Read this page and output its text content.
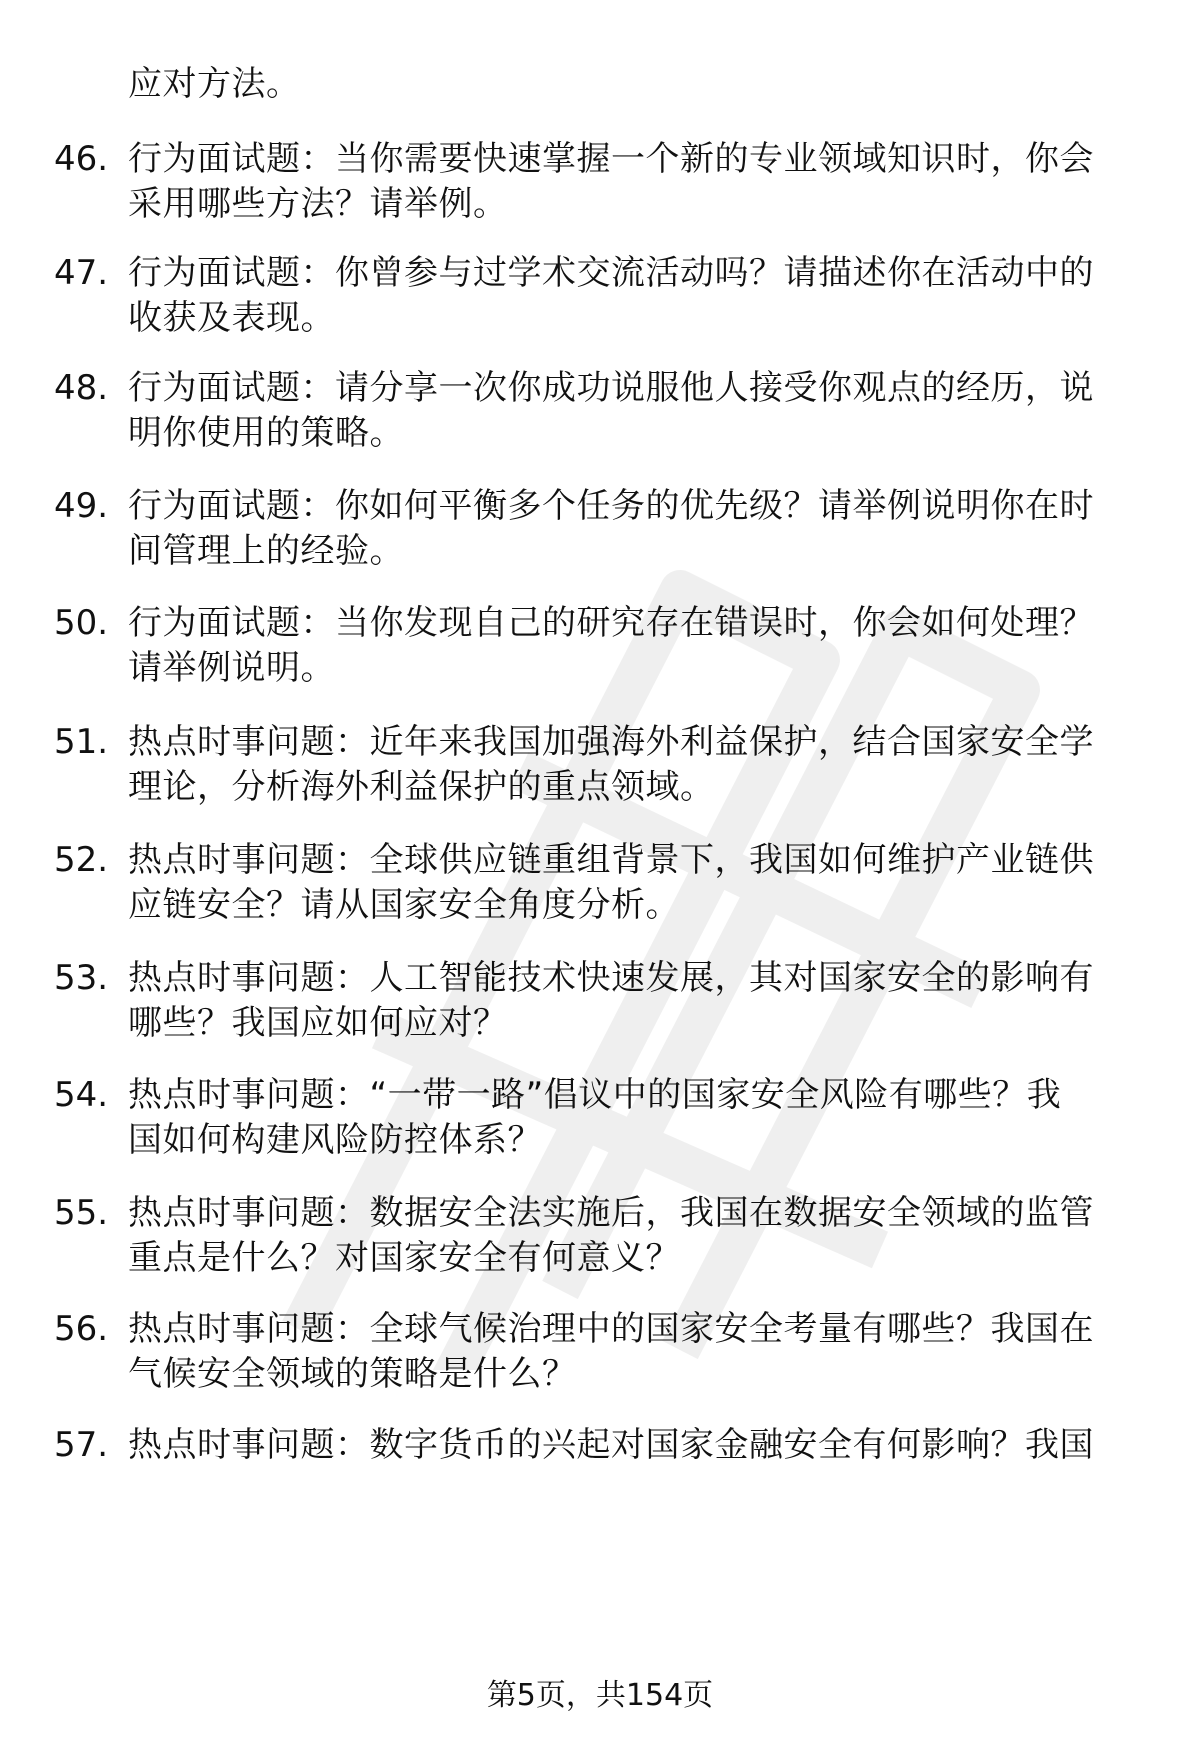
应对方法。
46. 行为面试题：当你需要快速掌握一个新的专业领域知识时，你会
采用哪些方法？请举例。
47. 行为面试题：你曾参与过学术交流活动吗？请描述你在活动中的
收获及表现。
48. 行为面试题：请分享一次你成功说服他人接受你观点的经历，说
明你使用的策略。
49. 行为面试题：你如何平衡多个任务的优先级？请举例说明你在时
间管理上的经验。
50. 行为面试题：当你发现自己的研究存在错误时，你会如何处理？
请举例说明。
51. 热点时事问题：近年来我国加强海外利益保护，结合国家安全学
理论，分析海外利益保护的重点领域。
52. 热点时事问题：全球供应链重组背景下，我国如何维护产业链供
应链安全？请从国家安全角度分析。
53. 热点时事问题：人工智能技术快速发展，其对国家安全的影响有
哪些？我国应如何应对？
54. 热点时事问题：“一带一路”倡议中的国家安全风险有哪些？我
国如何构建风险防控体系？
55. 热点时事问题：数据安全法实施后，我国在数据安全领域的监管
重点是什么？对国家安全有何意义？
56. 热点时事问题：全球气候治理中的国家安全考量有哪些？我国在
气候安全领域的策略是什么？
57. 热点时事问题：数字货币的兴起对国家金融安全有何影响？我国
第5页，共154页
